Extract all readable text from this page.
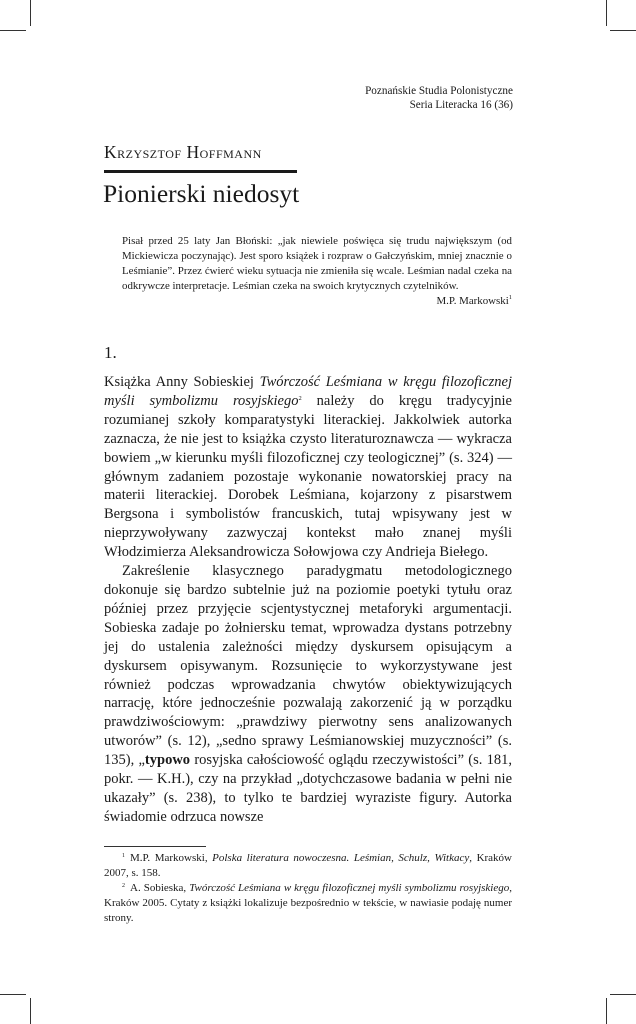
Poznańskie Studia Polonistyczne
Seria Literacka 16 (36)
Krzysztof Hoffmann
Pionierski niedosyt

Pisał przed 25 laty Jan Błoński: „jak niewiele poświęca się trudu największym (od Mickiewicza poczynając). Jest sporo książek i rozpraw o Gałczyńskim, mniej znacznie o Leśmianie”. Przez ćwierć wieku sytuacja nie zmieniła się wcale. Leśmian nadal czeka na odkrywcze interpretacje. Leśmian czeka na swoich krytycznych czytelników.

M.P. Markowski$^1$

1.

Książka Anny Sobieskiej Twórczość Leśmiana w kręgu filozoficznej myśli symbolizmu rosyjskiego$^2$ należy do kręgu tradycyjnie rozumianej szkoły komparatystyki literackiej. Jakkolwiek autorka zaznacza, że nie jest to książka czysto literaturoznawcza — wykracza bowiem „w kierunku myśli filozoficznej czy teologicznej” (s. 324) — głównym zadaniem pozostaje wykonanie nowatorskiej pracy na materii literackiej. Dorobek Leśmiana, kojarzony z pisarstwem Bergsona i symbolistów francuskich, tutaj wpisywany jest w nieprzywoływany zazwyczaj kontekst mało znanej myśli Włodzimierza Aleksandrowicza Sołowjowa czy Andrieja Biełego.

Zakreślenie klasycznego paradygmatu metodologicznego dokonuje się bardzo subtelnie już na poziomie poetyki tytułu oraz później przez przyjęcie scjentystycznej metaforyki argumentacji. Sobieska zadaje po żołniersku temat, wprowadza dystans potrzebny jej do ustalenia zależności między dyskursem opisującym a dyskursem opisywanym. Rozsunięcie to wykorzystywane jest również podczas wprowadzania chwytów obiektywizujących narrację, które jednocześnie pozwalają zakorzenić ją w porządku prawdziwościowym: „prawdziwy pierwotny sens analizowanych utworów” (s. 12), „sedno sprawy Leśmianowskiej muzyczności” (s. 135), „typowo rosyjska całościowość oglądu rzeczywistości” (s. 181, pokr. — K.H.), czy na przykład „dotychczasowe badania w pełni nie ukazały” (s. 238), to tylko te bardziej wyraziste figury. Autorka świadomie odrzuca nowsze

$^1$ M.P. Markowski, Polska literatura nowoczesna. Leśmian, Schulz, Witkacy, Kraków 2007, s. 158.

$^2$ A. Sobieska, Twórczość Leśmiana w kręgu filozoficznej myśli symbolizmu rosyjskiego, Kraków 2005. Cytaty z książki lokalizuje bezpośrednio w tekście, w nawiasie podaję numer strony.
